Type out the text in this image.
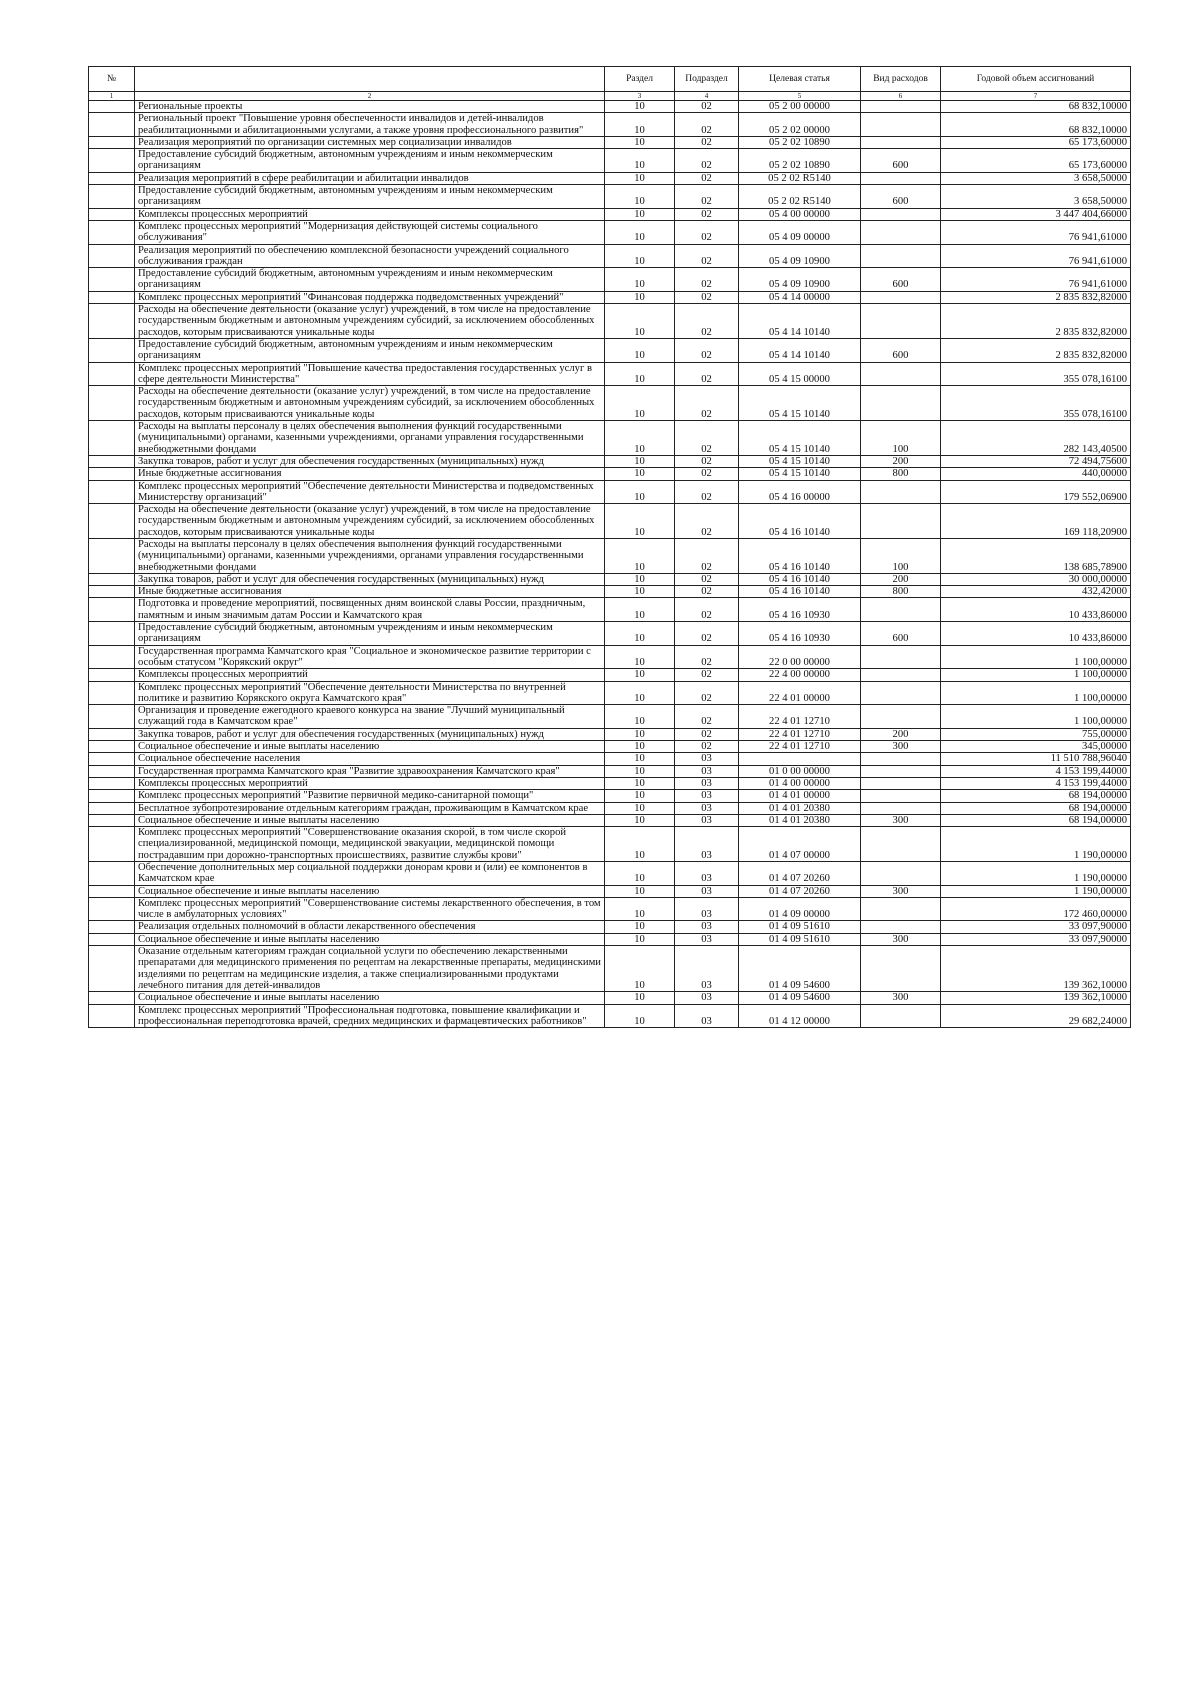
№		Раздел	Подраздел	Целевая статья	Вид расходов	Годовой объем ассигнований
1	2	3	4	5	6	7
	Региональные проекты	10	02	05 2 00 00000		68 832,10000
	Региональный проект "Повышение уровня обеспеченности инвалидов и детей-инвалидов реабилитационными и абилитационными услугами, а также уровня профессионального развития"	10	02	05 2 02 00000		68 832,10000
	Реализация мероприятий по организации системных мер социализации инвалидов	10	02	05 2 02 10890		65 173,60000
	Предоставление субсидий бюджетным, автономным учреждениям и иным некоммерческим организациям	10	02	05 2 02 10890	600	65 173,60000
	Реализация мероприятий в сфере реабилитации и абилитации инвалидов	10	02	05 2 02 R5140		3 658,50000
	Предоставление субсидий бюджетным, автономным учреждениям и иным некоммерческим организациям	10	02	05 2 02 R5140	600	3 658,50000
	Комплексы процессных мероприятий	10	02	05 4 00 00000		3 447 404,66000
	Комплекс процессных мероприятий "Модернизация действующей системы социального обслуживания"	10	02	05 4 09 00000		76 941,61000
	Реализация мероприятий по обеспечению комплексной безопасности учреждений социального обслуживания граждан	10	02	05 4 09 10900		76 941,61000
	Предоставление субсидий бюджетным, автономным учреждениям и иным некоммерческим организациям	10	02	05 4 09 10900	600	76 941,61000
	Комплекс процессных мероприятий "Финансовая поддержка подведомственных учреждений"	10	02	05 4 14 00000		2 835 832,82000
	Расходы на обеспечение деятельности (оказание услуг) учреждений, в том числе на предоставление государственным бюджетным и автономным учреждениям субсидий, за исключением обособленных расходов, которым присваиваются уникальные коды	10	02	05 4 14 10140		2 835 832,82000
	Предоставление субсидий бюджетным, автономным учреждениям и иным некоммерческим организациям	10	02	05 4 14 10140	600	2 835 832,82000
	Комплекс процессных мероприятий "Повышение качества предоставления государственных услуг в сфере деятельности Министерства"	10	02	05 4 15 00000		355 078,16100
	Расходы на обеспечение деятельности (оказание услуг) учреждений, в том числе на предоставление государственным бюджетным и автономным учреждениям субсидий, за исключением обособленных расходов, которым присваиваются уникальные коды	10	02	05 4 15 10140		355 078,16100
	Расходы на выплаты персоналу в целях обеспечения выполнения функций государственными (муниципальными) органами, казенными учреждениями, органами управления государственными внебюджетными фондами	10	02	05 4 15 10140	100	282 143,40500
	Закупка товаров, работ и услуг для обеспечения государственных (муниципальных) нужд	10	02	05 4 15 10140	200	72 494,75600
	Иные бюджетные ассигнования	10	02	05 4 15 10140	800	440,00000
	Комплекс процессных мероприятий "Обеспечение деятельности Министерства и подведомственных Министерству организаций"	10	02	05 4 16 00000		179 552,06900
	Расходы на обеспечение деятельности (оказание услуг) учреждений, в том числе на предоставление государственным бюджетным и автономным учреждениям субсидий, за исключением обособленных расходов, которым присваиваются уникальные коды	10	02	05 4 16 10140		169 118,20900
	Расходы на выплаты персоналу в целях обеспечения выполнения функций государственными (муниципальными) органами, казенными учреждениями, органами управления государственными внебюджетными фондами	10	02	05 4 16 10140	100	138 685,78900
	Закупка товаров, работ и услуг для обеспечения государственных (муниципальных) нужд	10	02	05 4 16 10140	200	30 000,00000
	Иные бюджетные ассигнования	10	02	05 4 16 10140	800	432,42000
	Подготовка и проведение мероприятий, посвященных дням воинской славы России, праздничным, памятным и иным значимым датам России и Камчатского края	10	02	05 4 16 10930		10 433,86000
	Предоставление субсидий бюджетным, автономным учреждениям и иным некоммерческим организациям	10	02	05 4 16 10930	600	10 433,86000
	Государственная программа Камчатского края "Социальное и экономическое развитие территории с особым статусом "Корякский округ"	10	02	22 0 00 00000		1 100,00000
	Комплексы процессных мероприятий	10	02	22 4 00 00000		1 100,00000
	Комплекс процессных мероприятий "Обеспечение деятельности Министерства по внутренней политике и развитию Корякского округа Камчатского края"	10	02	22 4 01 00000		1 100,00000
	Организация и проведение ежегодного краевого конкурса на звание "Лучший муниципальный служащий года в Камчатском крае"	10	02	22 4 01 12710		1 100,00000
	Закупка товаров, работ и услуг для обеспечения государственных (муниципальных) нужд	10	02	22 4 01 12710	200	755,00000
	Социальное обеспечение и иные выплаты населению	10	02	22 4 01 12710	300	345,00000
	Социальное обеспечение населения	10	03			11 510 788,96040
	Государственная программа Камчатского края "Развитие здравоохранения Камчатского края"	10	03	01 0 00 00000		4 153 199,44000
	Комплексы процессных мероприятий	10	03	01 4 00 00000		4 153 199,44000
	Комплекс процессных мероприятий "Развитие первичной медико-санитарной помощи"	10	03	01 4 01 00000		68 194,00000
	Бесплатное зубопротезирование отдельным категориям граждан, проживающим в Камчатском крае	10	03	01 4 01 20380		68 194,00000
	Социальное обеспечение и иные выплаты населению	10	03	01 4 01 20380	300	68 194,00000
	Комплекс процессных мероприятий "Совершенствование оказания скорой, в том числе скорой специализированной, медицинской помощи, медицинской эвакуации, медицинской помощи пострадавшим при дорожно-транспортных происшествиях, развитие службы крови"	10	03	01 4 07 00000		1 190,00000
	Обеспечение дополнительных мер социальной поддержки донорам крови и (или) ее компонентов в Камчатском крае	10	03	01 4 07 20260		1 190,00000
	Социальное обеспечение и иные выплаты населению	10	03	01 4 07 20260	300	1 190,00000
	Комплекс процессных мероприятий "Совершенствование системы лекарственного обеспечения, в том числе в амбулаторных условиях"	10	03	01 4 09 00000		172 460,00000
	Реализация отдельных полномочий в области лекарственного обеспечения	10	03	01 4 09 51610		33 097,90000
	Социальное обеспечение и иные выплаты населению	10	03	01 4 09 51610	300	33 097,90000
	Оказание отдельным категориям граждан социальной услуги по обеспечению лекарственными препаратами для медицинского применения по рецептам на лекарственные препараты, медицинскими изделиями по рецептам на медицинские изделия, а также специализированными продуктами лечебного питания для детей-инвалидов	10	03	01 4 09 54600		139 362,10000
	Социальное обеспечение и иные выплаты населению	10	03	01 4 09 54600	300	139 362,10000
	Комплекс процессных мероприятий "Профессиональная подготовка, повышение квалификации и профессиональная переподготовка врачей, средних медицинских и фармацевтических работников"	10	03	01 4 12 00000		29 682,24000
